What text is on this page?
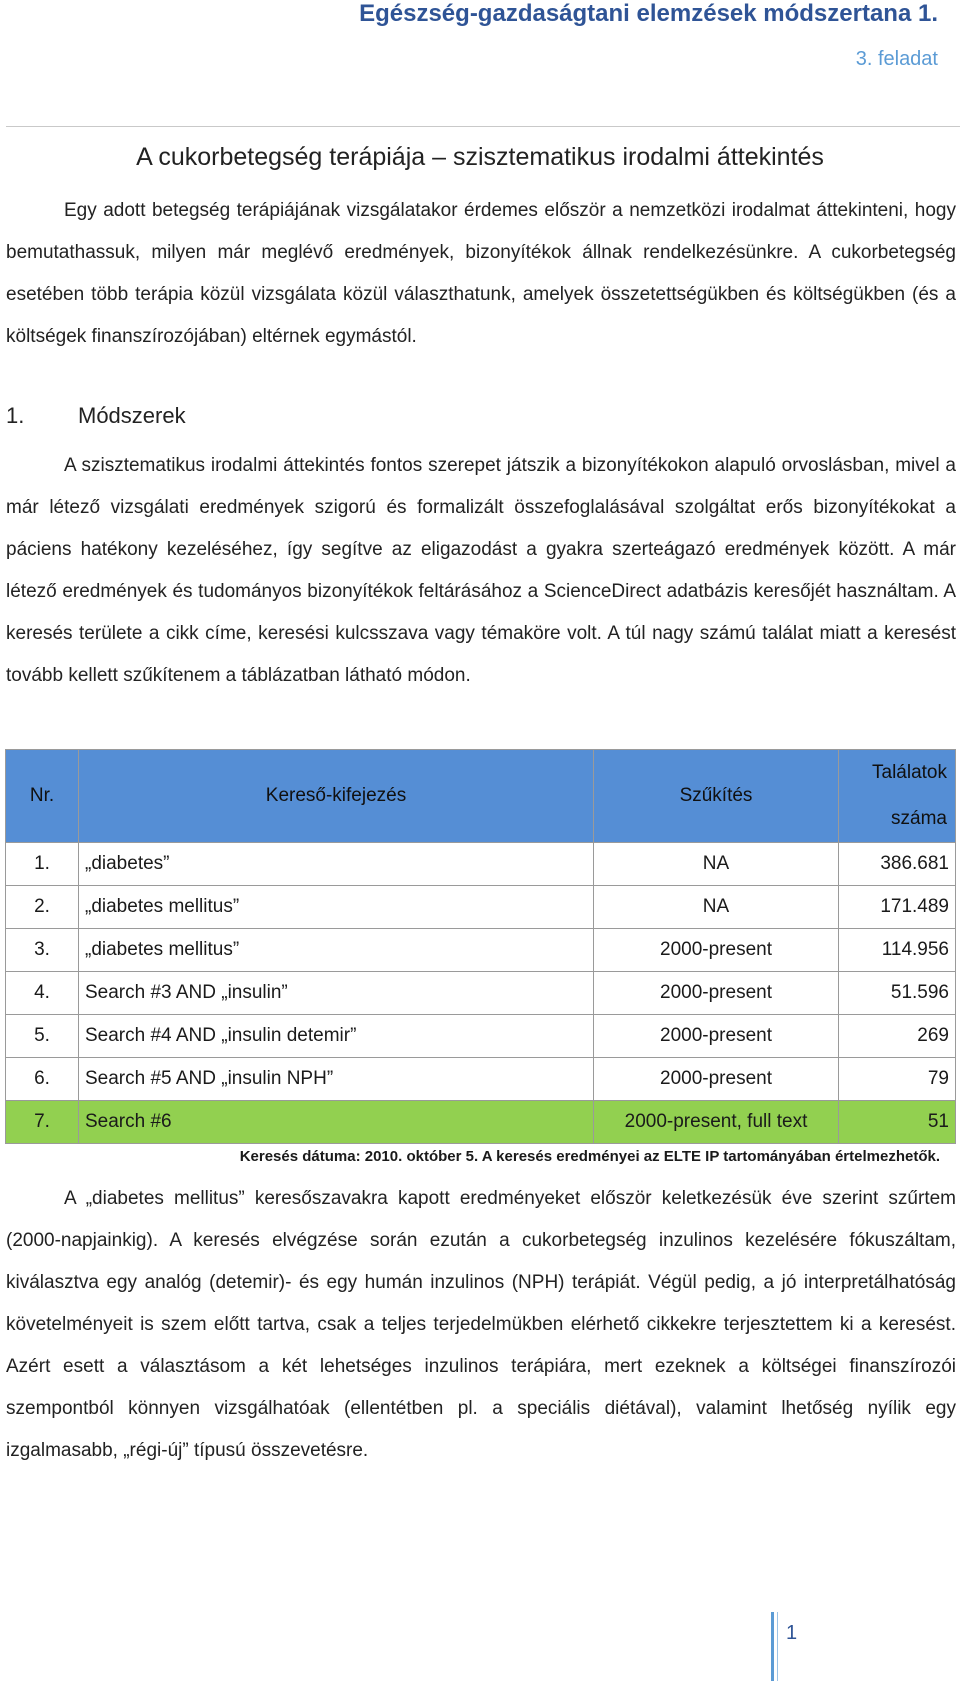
Egészség-gazdaságtani elemzések módszertana 1.
3. feladat
A cukorbetegség terápiája – szisztematikus irodalmi áttekintés

Egy adott betegség terápiájának vizsgálatakor érdemes először a nemzetközi irodalmat áttekinteni, hogy bemutathassuk, milyen már meglévő eredmények, bizonyítékok állnak rendelkezésünkre. A cukorbetegség esetében több terápia közül vizsgálata közül választhatunk, amelyek összetettségükben és költségükben (és a költségek finanszírozójában) eltérnek egymástól.

1. Módszerek

A szisztematikus irodalmi áttekintés fontos szerepet játszik a bizonyítékokon alapuló orvoslásban, mivel a már létező vizsgálati eredmények szigorú és formalizált összefoglalásával szolgáltat erős bizonyítékokat a páciens hatékony kezeléséhez, így segítve az eligazodást a gyakra szerteágazó eredmények között. A már létező eredmények és tudományos bizonyítékok feltárásához a ScienceDirect adatbázis keresőjét használtam. A keresés területe a cikk címe, keresési kulcsszava vagy témaköre volt. A túl nagy számú találat miatt a keresést tovább kellett szűkítenem a táblázatban látható módon.

Nr.	Kereső-kifejezés	Szűkítés	Találatok
száma
1.	„diabetes”	NA	386.681
2.	„diabetes mellitus”	NA	171.489
3.	„diabetes mellitus”	2000-present	114.956
4.	Search #3 AND „insulin”	2000-present	51.596
5.	Search #4 AND „insulin detemir”	2000-present	269
6.	Search #5 AND „insulin NPH”	2000-present	79
7.	Search #6	2000-present, full text	51
Keresés dátuma: 2010. október 5. A keresés eredményei az ELTE IP tartományában értelmezhetők.

A „diabetes mellitus” keresőszavakra kapott eredményeket először keletkezésük éve szerint szűrtem (2000-napjainkig). A keresés elvégzése során ezután a cukorbetegség inzulinos kezelésére fókuszáltam, kiválasztva egy analóg (detemir)- és egy humán inzulinos (NPH) terápiát. Végül pedig, a jó interpretálhatóság követelményeit is szem előtt tartva, csak a teljes terjedelmükben elérhető cikkekre terjesztettem ki a keresést. Azért esett a választásom a két lehetséges inzulinos terápiára, mert ezeknek a költségei finanszírozói szempontból könnyen vizsgálhatóak (ellentétben pl. a speciális diétával), valamint lhetőség nyílik egy izgalmasabb, „régi-új” típusú összevetésre.

1
